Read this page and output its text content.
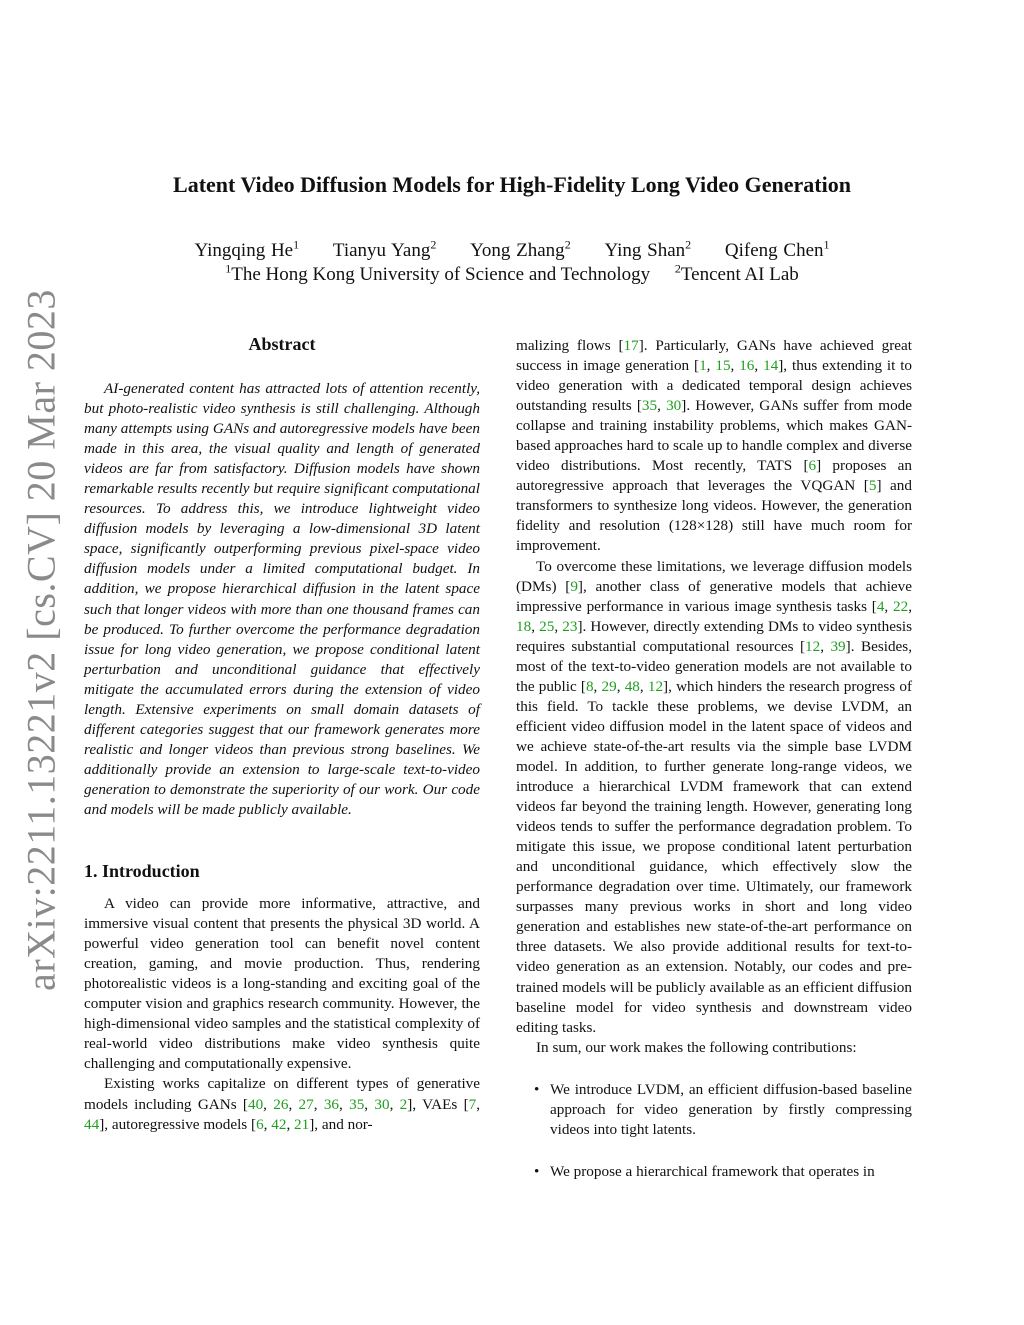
arXiv:2211.13221v2 [cs.CV] 20 Mar 2023
Latent Video Diffusion Models for High-Fidelity Long Video Generation
Yingqing He$^1$ Tianyu Yang$^2$ Yong Zhang$^2$ Ying Shan$^2$ Qifeng Chen$^1$
$^1$The Hong Kong University of Science and Technology $^2$Tencent AI Lab
Abstract

AI-generated content has attracted lots of attention recently, but photo-realistic video synthesis is still challenging. Although many attempts using GANs and autoregressive models have been made in this area, the visual quality and length of generated videos are far from satisfactory. Diffusion models have shown remarkable results recently but require significant computational resources. To address this, we introduce lightweight video diffusion models by leveraging a low-dimensional 3D latent space, significantly outperforming previous pixel-space video diffusion models under a limited computational budget. In addition, we propose hierarchical diffusion in the latent space such that longer videos with more than one thousand frames can be produced. To further overcome the performance degradation issue for long video generation, we propose conditional latent perturbation and unconditional guidance that effectively mitigate the accumulated errors during the extension of video length. Extensive experiments on small domain datasets of different categories suggest that our framework generates more realistic and longer videos than previous strong baselines. We additionally provide an extension to large-scale text-to-video generation to demonstrate the superiority of our work. Our code and models will be made publicly available.

1. Introduction

A video can provide more informative, attractive, and immersive visual content that presents the physical 3D world. A powerful video generation tool can benefit novel content creation, gaming, and movie production. Thus, rendering photorealistic videos is a long-standing and exciting goal of the computer vision and graphics research community. However, the high-dimensional video samples and the statistical complexity of real-world video distributions make video synthesis quite challenging and computationally expensive.

Existing works capitalize on different types of generative models including GANs [40, 26, 27, 36, 35, 30, 2], VAEs [7, 44], autoregressive models [6, 42, 21], and nor-

malizing flows [17]. Particularly, GANs have achieved great success in image generation [1, 15, 16, 14], thus extending it to video generation with a dedicated temporal design achieves outstanding results [35, 30]. However, GANs suffer from mode collapse and training instability problems, which makes GAN-based approaches hard to scale up to handle complex and diverse video distributions. Most recently, TATS [6] proposes an autoregressive approach that leverages the VQGAN [5] and transformers to synthesize long videos. However, the generation fidelity and resolution (128×128) still have much room for improvement.

To overcome these limitations, we leverage diffusion models (DMs) [9], another class of generative models that achieve impressive performance in various image synthesis tasks [4, 22, 18, 25, 23]. However, directly extending DMs to video synthesis requires substantial computational resources [12, 39]. Besides, most of the text-to-video generation models are not available to the public [8, 29, 48, 12], which hinders the research progress of this field. To tackle these problems, we devise LVDM, an efficient video diffusion model in the latent space of videos and we achieve state-of-the-art results via the simple base LVDM model. In addition, to further generate long-range videos, we introduce a hierarchical LVDM framework that can extend videos far beyond the training length. However, generating long videos tends to suffer the performance degradation problem. To mitigate this issue, we propose conditional latent perturbation and unconditional guidance, which effectively slow the performance degradation over time. Ultimately, our framework surpasses many previous works in short and long video generation and establishes new state-of-the-art performance on three datasets. We also provide additional results for text-to-video generation as an extension. Notably, our codes and pre-trained models will be publicly available as an efficient diffusion baseline model for video synthesis and downstream video editing tasks.

In sum, our work makes the following contributions:

• We introduce LVDM, an efficient diffusion-based baseline approach for video generation by firstly compressing videos into tight latents.
• We propose a hierarchical framework that operates in
